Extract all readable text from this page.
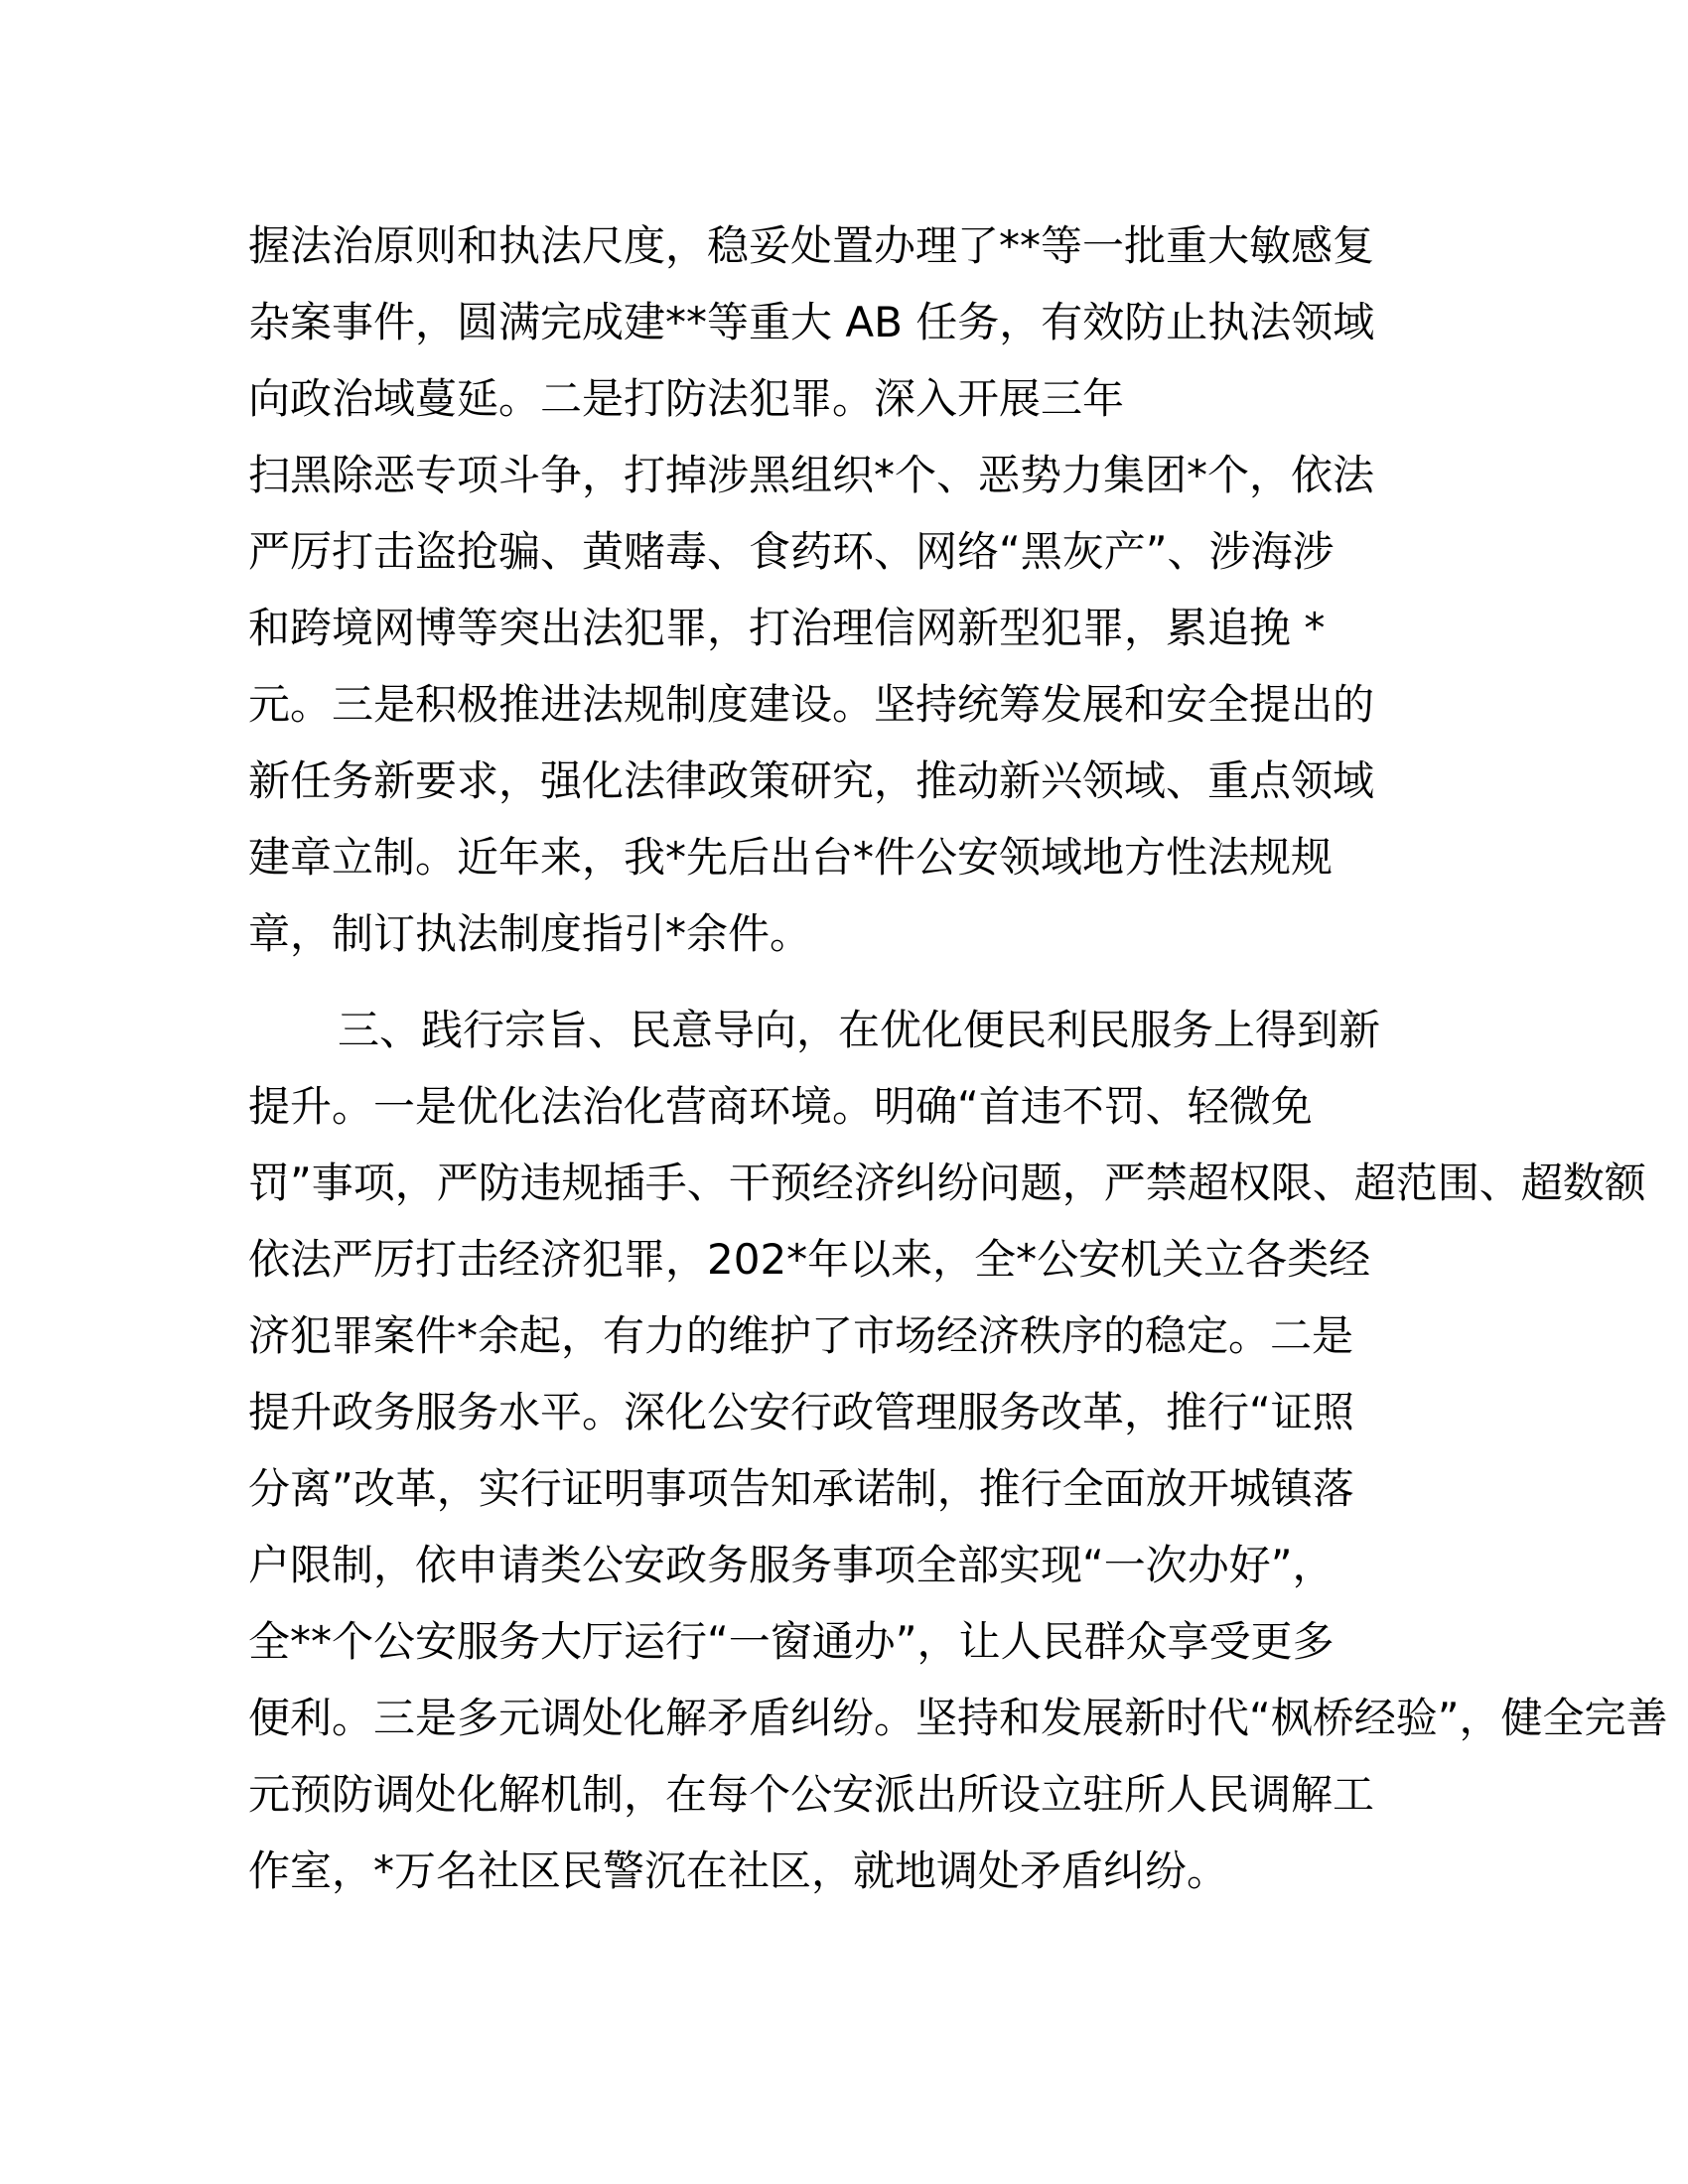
握法治原则和执法尺度，稳妥处置办理了**等一批重大敏感复

杂案事件，圆满完成建**等重大 AB 任务，有效防止执法领域

向政治域蔓延。二是打防法犯罪。深入开展三年

扫黑除恶专项斗争，打掉涉黑组织*个、恶势力集团*个，依法

严厉打击盗抢骗、黄赌毒、食药环、网络“黑灰产”、涉海涉

和跨境网博等突出法犯罪，打治理信网新型犯罪，累追挽 *

元。三是积极推进法规制度建设。坚持统筹发展和安全提出的

新任务新要求，强化法律政策研究，推动新兴领域、重点领域

建章立制。近年来，我*先后出台*件公安领域地方性法规规

章，制订执法制度指引*余件。

三、践行宗旨、民意导向，在优化便民利民服务上得到新

提升。一是优化法治化营商环境。明确“首违不罚、轻微免

罚”事项，严防违规插手、干预经济纠纷问题，严禁超权限、超范围、超数额

依法严厉打击经济犯罪，202*年以来，全*公安机关立各类经

济犯罪案件*余起，有力的维护了市场经济秩序的稳定。二是

提升政务服务水平。深化公安行政管理服务改革，推行“证照

分离”改革，实行证明事项告知承诺制，推行全面放开城镇落

户限制，依申请类公安政务服务事项全部实现“一次办好”，

全**个公安服务大厅运行“一窗通办”，让人民群众享受更多

便利。三是多元调处化解矛盾纠纷。坚持和发展新时代“枫桥经验”，健全完善

元预防调处化解机制，在每个公安派出所设立驻所人民调解工

作室，*万名社区民警沉在社区，就地调处矛盾纠纷。
